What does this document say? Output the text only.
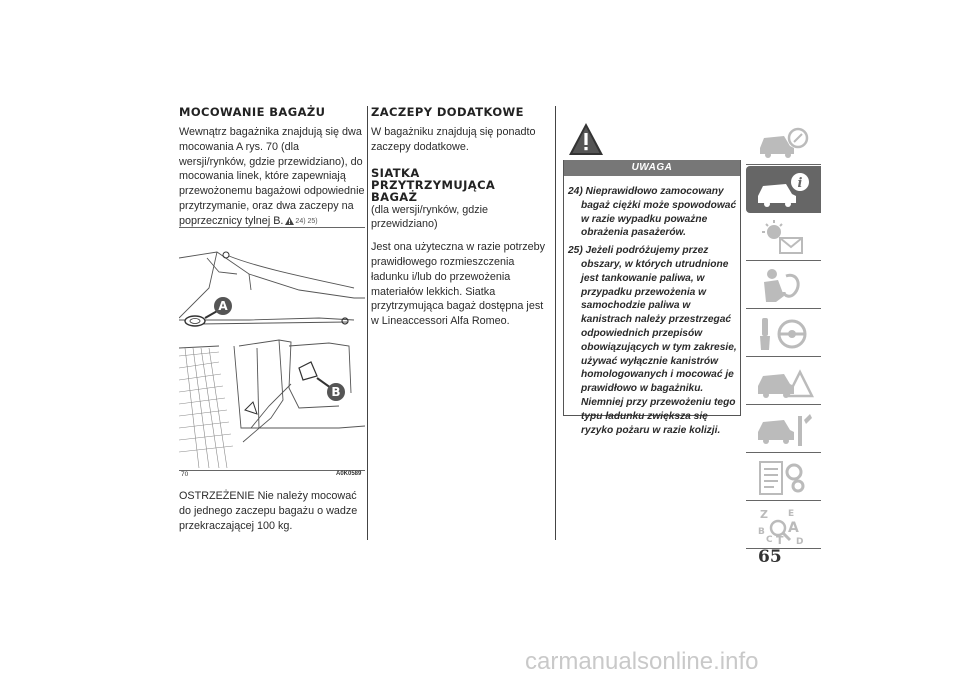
MOCOWANIE BAGAŻU

Wewnątrz bagażnika znajdują się dwa mocowania A rys. 70 (dla wersji/rynków, gdzie przewidziano), do mocowania linek, które zapewniają przewożonemu bagażowi odpowiednie przytrzymanie, oraz dwa zaczepy na poprzecznicy tylnej B. 24) 25)

A
B
70	A0K0589

OSTRZEŻENIE Nie należy mocować do jednego zaczepu bagażu o wadze przekraczającej 100 kg.

ZACZEPY DODATKOWE

W bagażniku znajdują się ponadto zaczepy dodatkowe.

SIATKA PRZYTRZYMUJĄCA BAGAŻ

(dla wersji/rynków, gdzie przewidziano)

Jest ona użyteczna w razie potrzeby prawidłowego rozmieszczenia ładunku i/lub do przewożenia materiałów lekkich. Siatka przytrzymująca bagaż dostępna jest w Lineaccessori Alfa Romeo.

UWAGA
24) Nieprawidłowo zamocowany bagaż ciężki może spowodować w razie wypadku poważne obrażenia pasażerów.
25) Jeżeli podróżujemy przez obszary, w których utrudnione jest tankowanie paliwa, w przypadku przewożenia w samochodzie paliwa w kanistrach należy przestrzegać odpowiednich przepisów obowiązujących w tym zakresie, używać wyłącznie kanistrów homologowanych i mocować je prawidłowo w bagażniku. Niemniej przy przewożeniu tego typu ładunku zwiększa się ryzyko pożaru w razie kolizji.
i
Z E
B A
C T D
65
carmanualsonline.info
